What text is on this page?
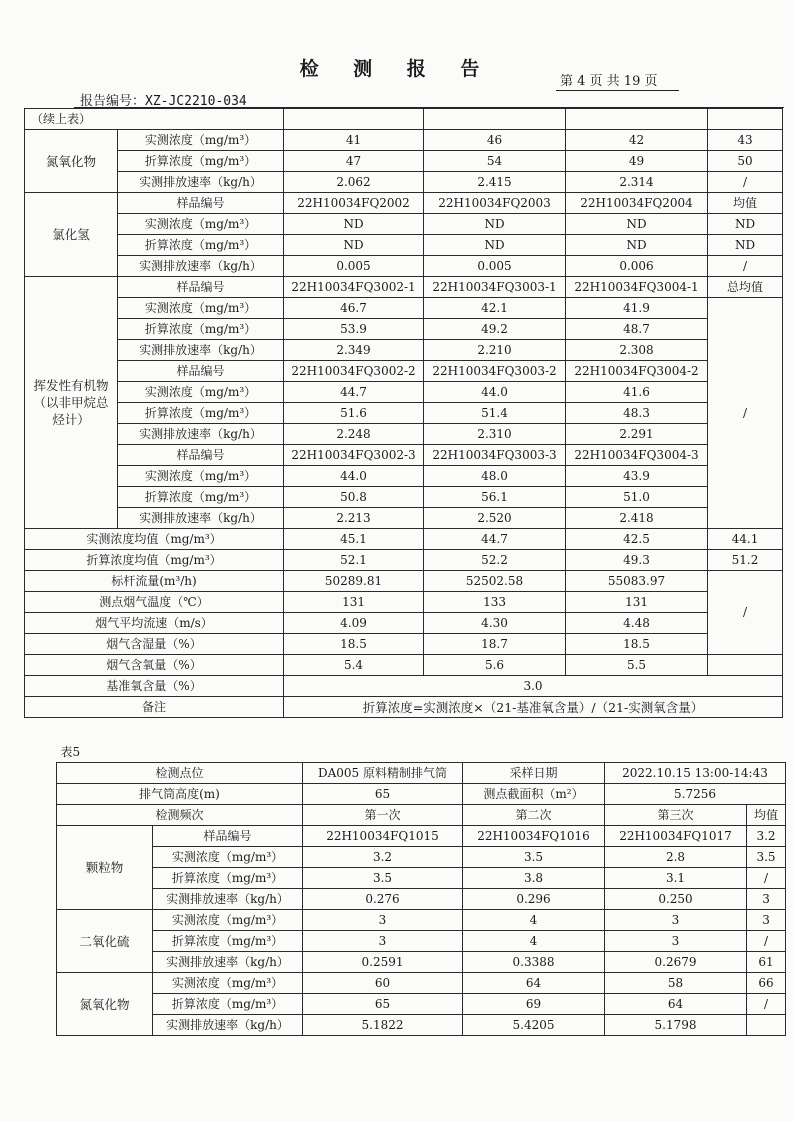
检 测 报 告
第 4 页 共 19 页
报告编号：XZ-JC2210-034
（续上表）					
氮氧化物	实测浓度（mg/m³）	41	46	42	43
	折算浓度（mg/m³）	47	54	49	50
	实测排放速率（kg/h）	2.062	2.415	2.314	/
氯化氢	样品编号	22H10034FQ2002	22H10034FQ2003	22H10034FQ2004	均值
	实测浓度（mg/m³）	ND	ND	ND	ND
	折算浓度（mg/m³）	ND	ND	ND	ND
	实测排放速率（kg/h）	0.005	0.005	0.006	/
挥发性有机物（以非甲烷总烃计）	样品编号	22H10034FQ3002-1	22H10034FQ3003-1	22H10034FQ3004-1	总均值
	实测浓度（mg/m³）	46.7	42.1	41.9	/
	折算浓度（mg/m³）	53.9	49.2	48.7	
	实测排放速率（kg/h）	2.349	2.210	2.308	
	样品编号	22H10034FQ3002-2	22H10034FQ3003-2	22H10034FQ3004-2	
	实测浓度（mg/m³）	44.7	44.0	41.6	
	折算浓度（mg/m³）	51.6	51.4	48.3	
	实测排放速率（kg/h）	2.248	2.310	2.291	
	样品编号	22H10034FQ3002-3	22H10034FQ3003-3	22H10034FQ3004-3	
	实测浓度（mg/m³）	44.0	48.0	43.9	
	折算浓度（mg/m³）	50.8	56.1	51.0	
	实测排放速率（kg/h）	2.213	2.520	2.418	
实测浓度均值（mg/m³）		45.1	44.7	42.5	44.1
折算浓度均值（mg/m³）		52.1	52.2	49.3	51.2
标杆流量(m³/h)		50289.81	52502.58	55083.97	/
测点烟气温度（℃）		131	133	131	
烟气平均流速（m/s）		4.09	4.30	4.48	
烟气含湿量（%）		18.5	18.7	18.5	
烟气含氧量（%）		5.4	5.6	5.5	
基准氧含量（%）		3.0			
备注		折算浓度=实测浓度×（21-基准氧含量）/（21-实测氧含量）			
表5					
检测点位		DA005 原料精制排气筒	采样日期	2022.10.15 13:00-14:43	
排气筒高度(m)		65	测点截面积（m²）	5.7256	
检测频次		第一次	第二次	第三次	均值
颗粒物	样品编号	22H10034FQ1015	22H10034FQ1016	22H10034FQ1017	3.2
	实测浓度（mg/m³）	3.2	3.5	2.8	3.5
	折算浓度（mg/m³）	3.5	3.8	3.1	/
	实测排放速率（kg/h）	0.276	0.296	0.250	3
二氧化硫	实测浓度（mg/m³）	3	4	3	3
	折算浓度（mg/m³）	3	4	3	/
	实测排放速率（kg/h）	0.2591	0.3388	0.2679	61
氮氧化物	实测浓度（mg/m³）	60	64	58	66
	折算浓度（mg/m³）	65	69	64	/
	实测排放速率（kg/h）	5.1822	5.4205	5.1798	
